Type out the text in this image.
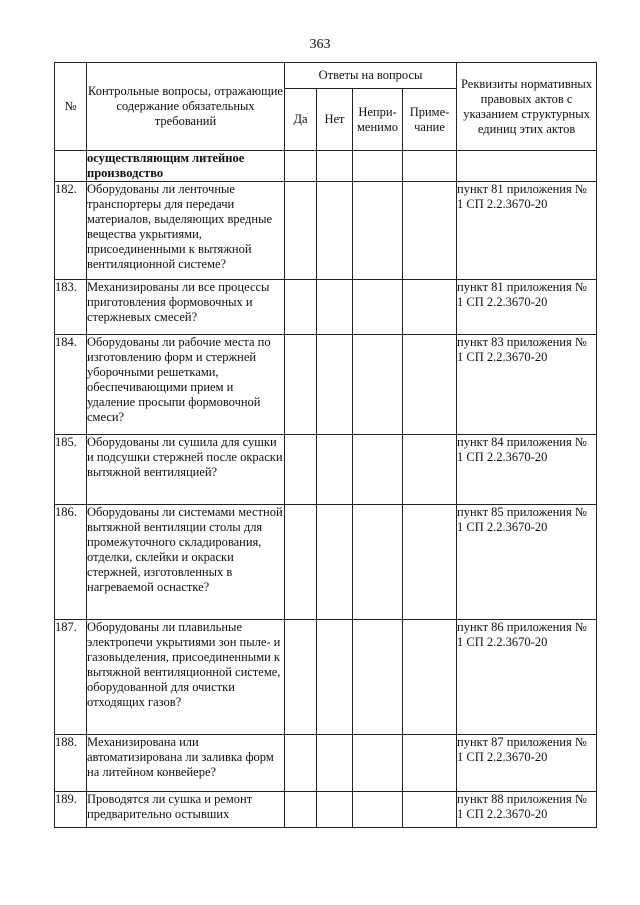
363
№	Контрольные вопросы, отражающие содержание обязательных требований	Ответы на вопросы				Реквизиты нормативных правовых актов с указанием структурных единиц этих актов
		Да	Нет	Непри-менимо	Приме-чание	
	осуществляющим литейное производство					
182.	Оборудованы ли ленточные транспортеры для передачи материалов, выделяющих вредные вещества укрытиями, присоединенными к вытяжной вентиляционной системе?					пункт 81 приложения № 1 СП 2.2.3670-20
183.	Механизированы ли все процессы приготовления формовочных и стержневых смесей?					пункт 81 приложения № 1 СП 2.2.3670-20
184.	Оборудованы ли рабочие места по изготовлению форм и стержней уборочными решетками, обеспечивающими прием и удаление просыпи формовочной смеси?					пункт 83 приложения № 1 СП 2.2.3670-20
185.	Оборудованы ли сушила для сушки и подсушки стержней после окраски вытяжной вентиляцией?					пункт 84 приложения № 1 СП 2.2.3670-20
186.	Оборудованы ли системами местной вытяжной вентиляции столы для промежуточного складирования, отделки, склейки и окраски стержней, изготовленных в нагреваемой оснастке?					пункт 85 приложения № 1 СП 2.2.3670-20
187.	Оборудованы ли плавильные электропечи укрытиями зон пыле- и газовыделения, присоединенными к вытяжной вентиляционной системе, оборудованной для очистки отходящих газов?					пункт 86 приложения № 1 СП 2.2.3670-20
188.	Механизирована или автоматизирована ли заливка форм на литейном конвейере?					пункт 87 приложения № 1 СП 2.2.3670-20
189.	Проводятся ли сушка и ремонт предварительно остывших					пункт 88 приложения № 1 СП 2.2.3670-20
